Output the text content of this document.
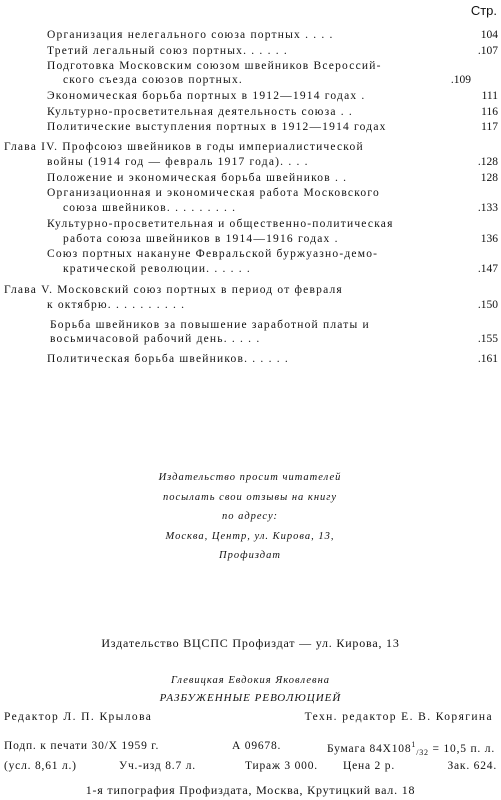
Стр.
Организация нелегального союза портных . . . .	104
Третий легальный союз портных. . . . . .	.107
Подготовка Московским союзом швейников Всероссий-
ского съезда союзов портных.	.109
Экономическая борьба портных в 1912—1914 годах .	111
Культурно-просветительная деятельность союза . .	116
Политические выступления портных в 1912—1914 годах	117
Глава IV. Профсоюз швейников в годы империалистической
войны (1914 год — февраль 1917 года). . . .	.128
Положение и экономическая борьба швейников . .	128
Организационная и экономическая работа Московского
союза швейников. . . . . . . . .	.133
Культурно-просветительная и общественно-политическая
работа союза швейников в 1914—1916 годах .	136
Союз портных накануне Февральской буржуазно-демо-
кратической революции. . . . . .	.147
Глава V. Московский союз портных в период от февраля
к октябрю. . . . . . . . . .	.150
Борьба швейников за повышение заработной платы и
восьмичасовой рабочий день. . . . .	.155
Политическая борьба швейников. . . . . .	.161
Издательство просит читателей
посылать свои отзывы на книгу
по адресу:
Москва, Центр, ул. Кирова, 13,
Профиздат
Издательство ВЦСПС Профиздат — ул. Кирова, 13
Глевицкая Евдокия Яковлевна
РАЗБУЖЕННЫЕ РЕВОЛЮЦИЕЙ
Редактор Л. П. Крылова	Техн. редактор Е. В. Корягина
Подп. к печати 30/X 1959 г.	А 09678.	Бумага $84X108^1_{/32} = 10,5$ п. л.
(усл. 8,61 л.)	Уч.-изд 8.7 л.	Тираж 3 000. Цена 2 р.	Зак. 624.
1-я типография Профиздата, Москва, Крутицкий вал. 18
